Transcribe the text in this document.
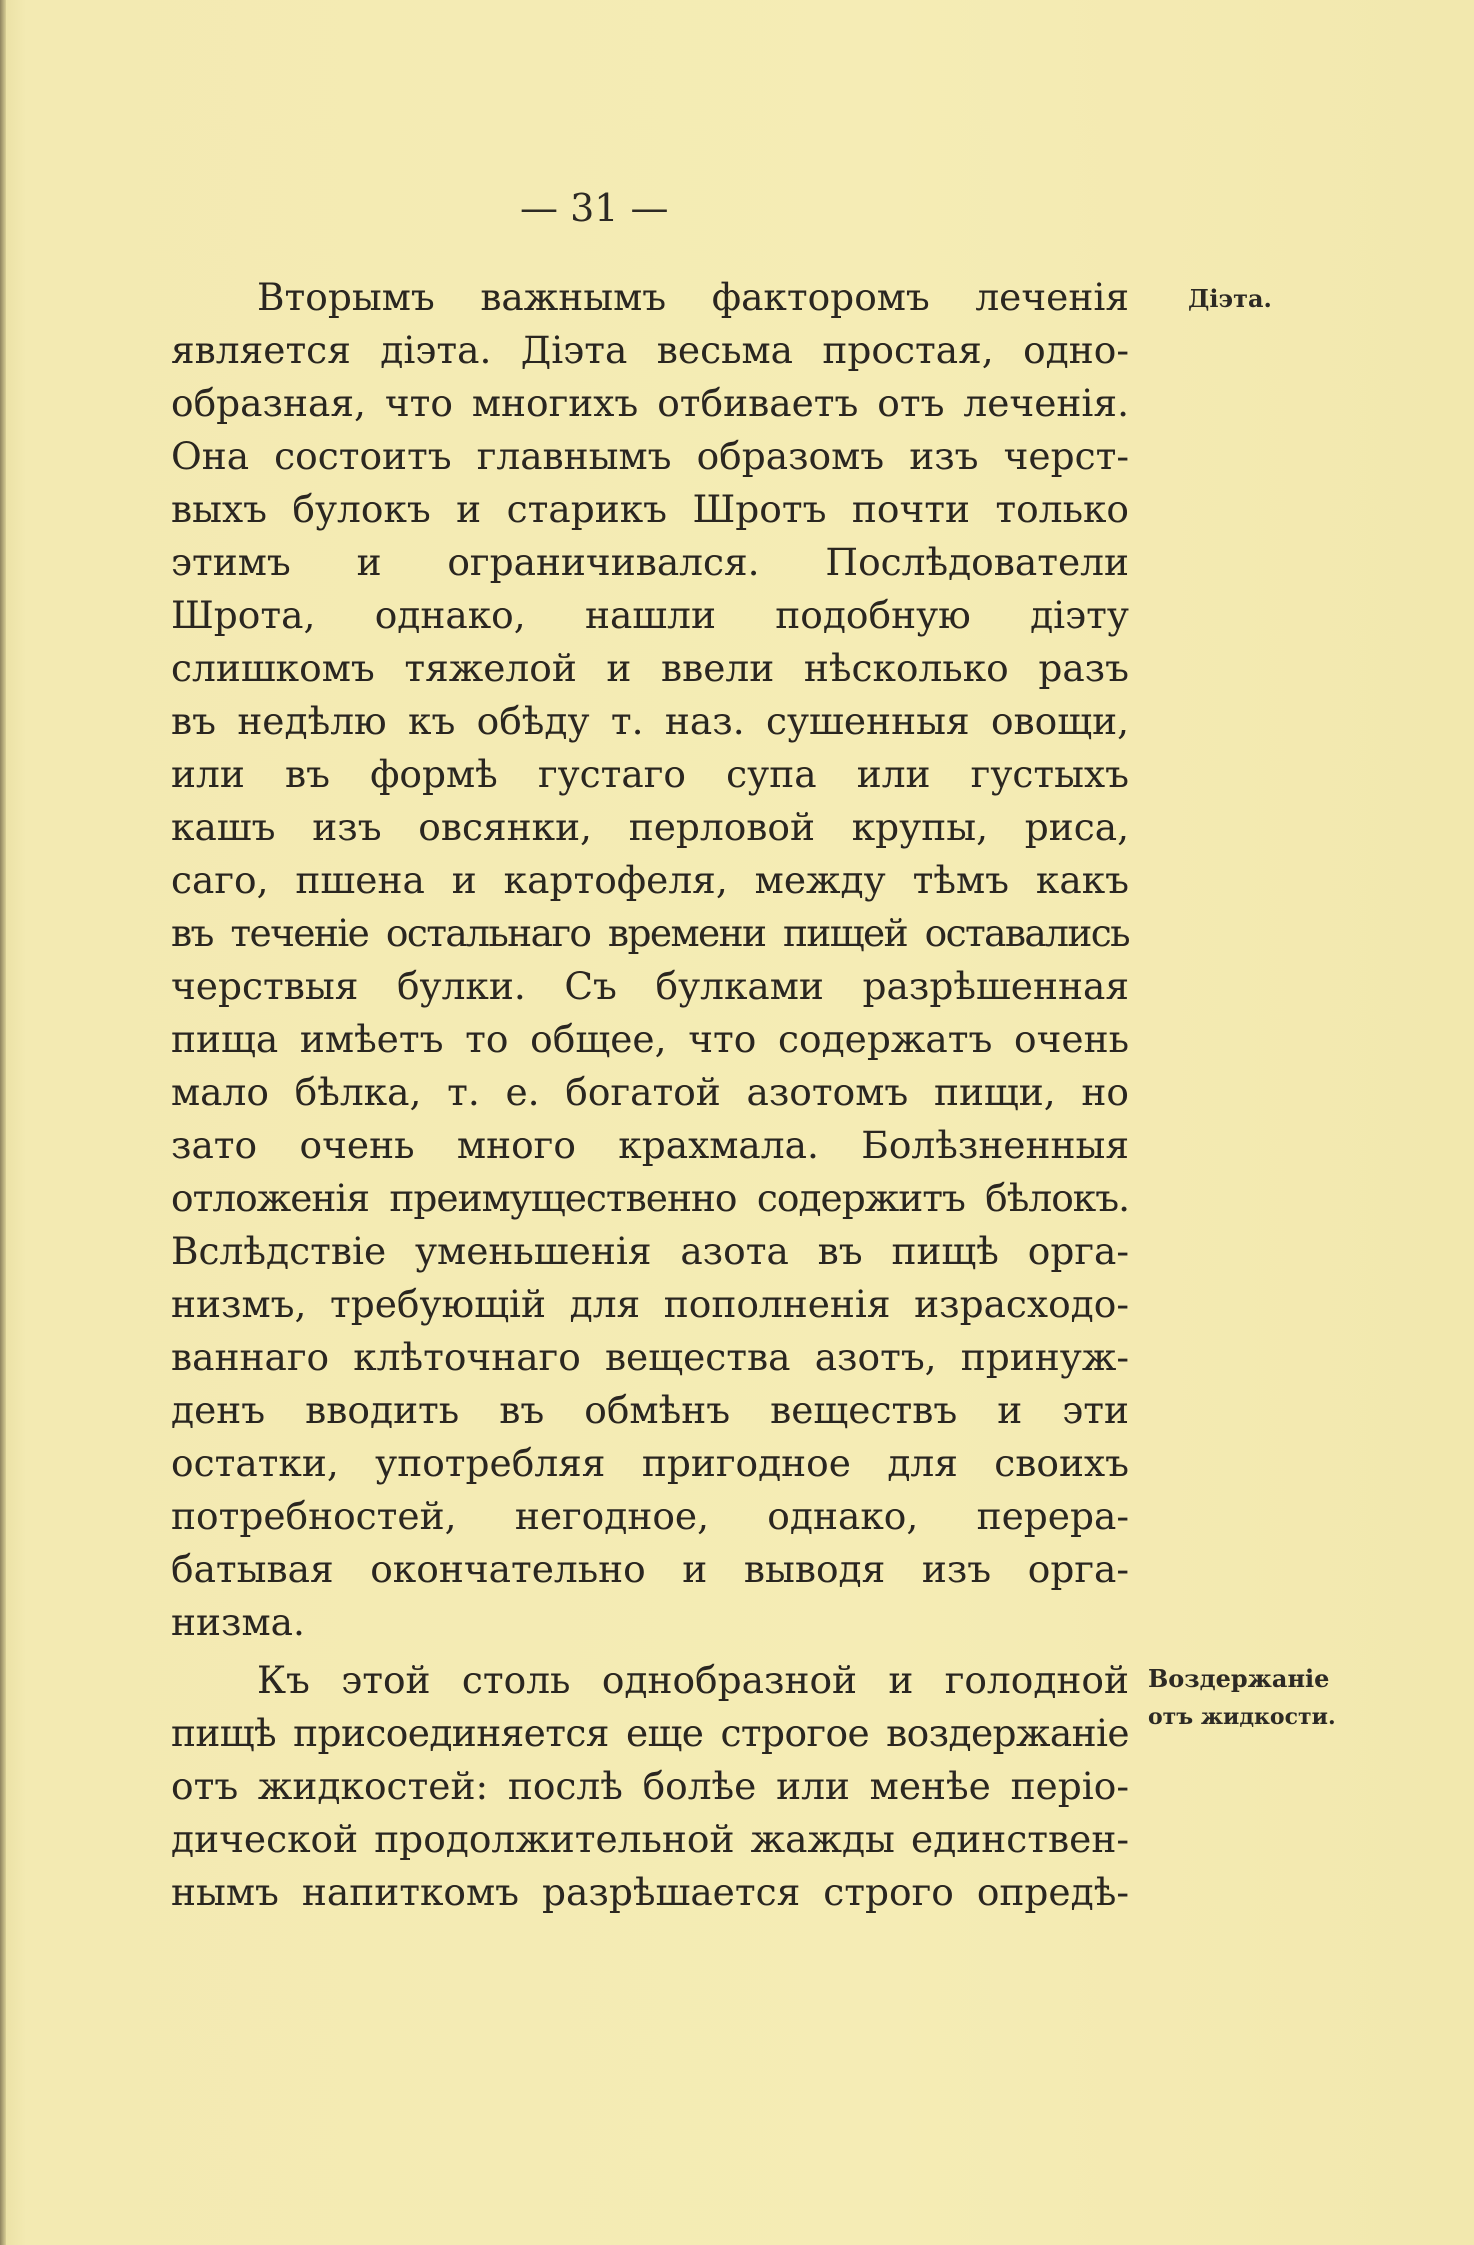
— 31 —
Вторымъ важнымъ факторомъ леченія
является діэта. Діэта весьма простая, одно-
образная, что многихъ отбиваетъ отъ леченія.
Она состоитъ главнымъ образомъ изъ черст-
выхъ булокъ и старикъ Шротъ почти только
этимъ и ограничивался. Послѣдователи
Шрота, однако, нашли подобную діэту
слишкомъ тяжелой и ввели нѣсколько разъ
въ недѣлю къ обѣду т. наз. сушенныя овощи,
или въ формѣ густаго супа или густыхъ
кашъ изъ овсянки, перловой крупы, риса,
саго, пшена и картофеля, между тѣмъ какъ
въ теченіе остальнаго времени пищей оставались
черствыя булки. Съ булками разрѣшенная
пища имѣетъ то общее, что содержатъ очень
мало бѣлка, т. е. богатой азотомъ пищи, но
зато очень много крахмала. Болѣзненныя
отложенія преимущественно содержитъ бѣлокъ.
Вслѣдствіе уменьшенія азота въ пищѣ орга-
низмъ, требующій для пополненія израсходо-
ваннаго клѣточнаго вещества азотъ, принуж-
денъ вводить въ обмѣнъ веществъ и эти
остатки, употребляя пригодное для своихъ
потребностей, негодное, однако, перера-
батывая окончательно и выводя изъ орга-
низма.
Къ этой столь однобразной и голодной
пищѣ присоединяется еще строгое воздержаніе
отъ жидкостей: послѣ болѣе или менѣе періо-
дической продолжительной жажды единствен-
нымъ напиткомъ разрѣшается строго опредѣ-
Діэта.
Воздержаніе
отъ жидкости.
